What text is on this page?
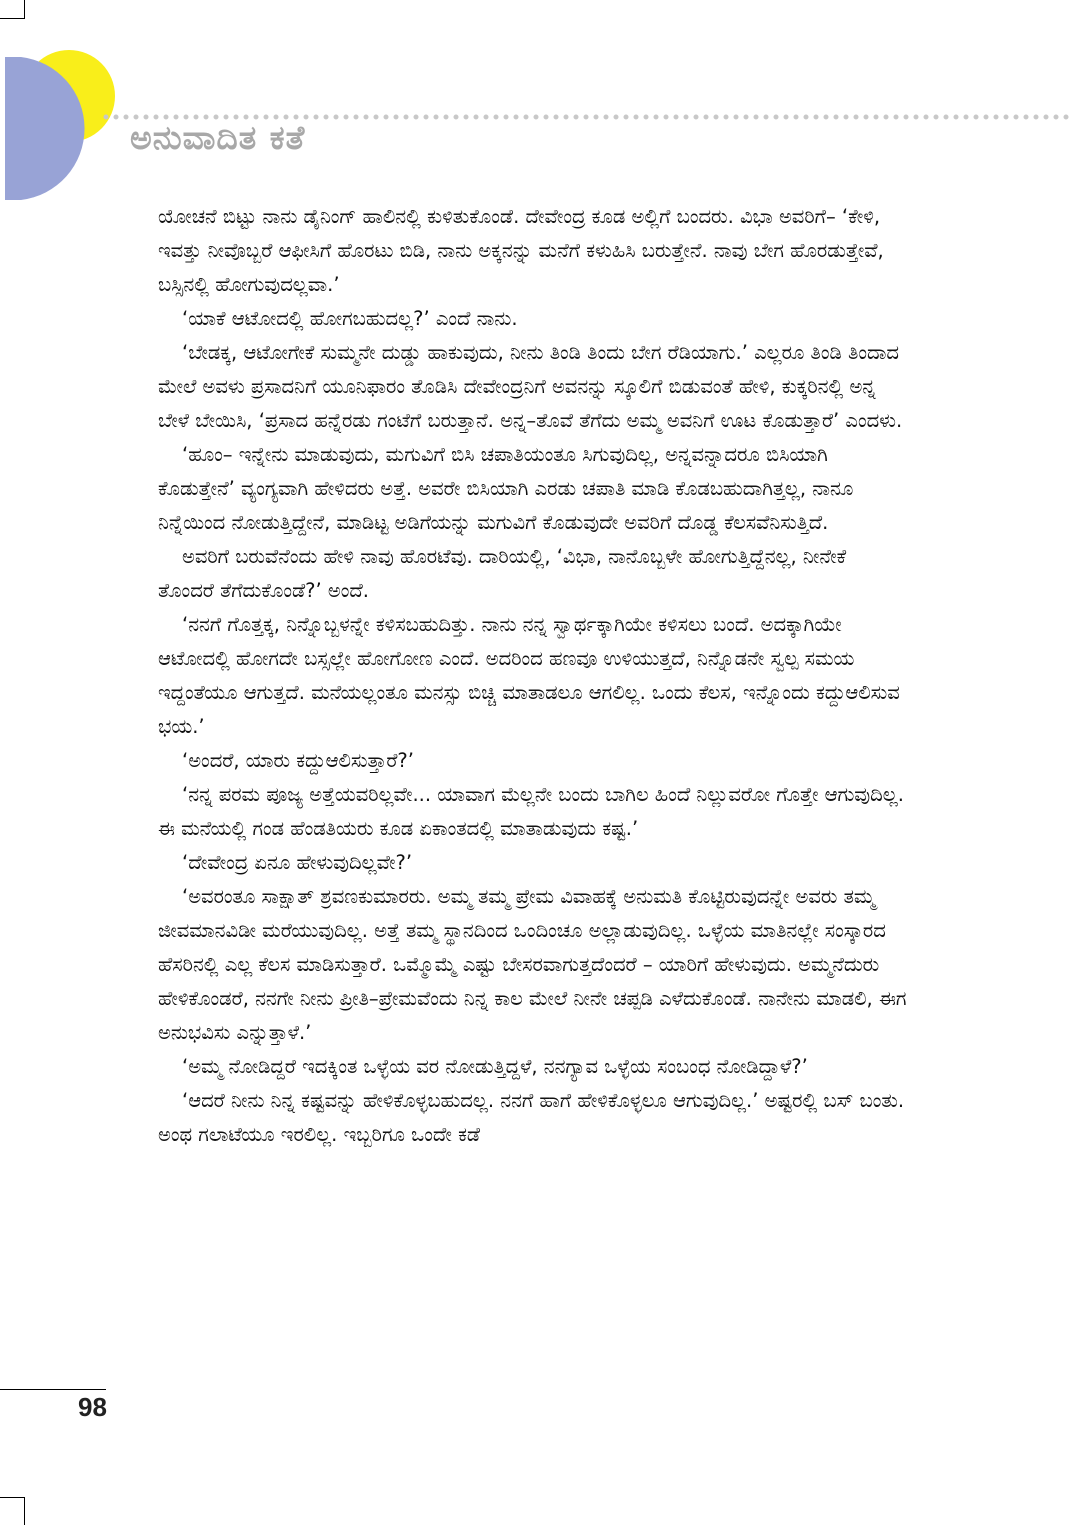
ಅನುವಾದಿತ ಕತೆ

ಯೋಚನೆ ಬಿಟ್ಟು ನಾನು ಡೈನಿಂಗ್ ಹಾಲಿನಲ್ಲಿ ಕುಳಿತುಕೊಂಡೆ. ದೇವೇಂದ್ರ ಕೂಡ ಅಲ್ಲಿಗೆ ಬಂದರು. ವಿಭಾ ಅವರಿಗೆ– ‘ಕೇಳಿ, ಇವತ್ತು ನೀವೊಬ್ಬರೆ ಆಫೀಸಿಗೆ ಹೊರಟು ಬಿಡಿ, ನಾನು ಅಕ್ಕನನ್ನು ಮನೆಗೆ ಕಳುಹಿಸಿ ಬರುತ್ತೇನೆ. ನಾವು ಬೇಗ ಹೊರಡುತ್ತೇವೆ, ಬಸ್ಸಿನಲ್ಲಿ ಹೋಗುವುದಲ್ಲವಾ.’

‘ಯಾಕೆ ಆಟೋದಲ್ಲಿ ಹೋಗಬಹುದಲ್ಲ?’ ಎಂದೆ ನಾನು.

‘ಬೇಡಕ್ಕ, ಆಟೋಗೇಕೆ ಸುಮ್ಮನೇ ದುಡ್ಡು ಹಾಕುವುದು, ನೀನು ತಿಂಡಿ ತಿಂದು ಬೇಗ ರೆಡಿಯಾಗು.’ ಎಲ್ಲರೂ ತಿಂಡಿ ತಿಂದಾದ ಮೇಲೆ ಅವಳು ಪ್ರಸಾದನಿಗೆ ಯೂನಿಫಾರಂ ತೊಡಿಸಿ ದೇವೇಂದ್ರನಿಗೆ ಅವನನ್ನು ಸ್ಕೂಲಿಗೆ ಬಿಡುವಂತೆ ಹೇಳಿ, ಕುಕ್ಕರಿನಲ್ಲಿ ಅನ್ನ ಬೇಳೆ ಬೇಯಿಸಿ, ‘ಪ್ರಸಾದ ಹನ್ನೆರಡು ಗಂಟೆಗೆ ಬರುತ್ತಾನೆ. ಅನ್ನ–ತೊವೆ ತೆಗೆದು ಅಮ್ಮ ಅವನಿಗೆ ಊಟ ಕೊಡುತ್ತಾರೆ’ ಎಂದಳು.

‘ಹೂಂ– ಇನ್ನೇನು ಮಾಡುವುದು, ಮಗುವಿಗೆ ಬಿಸಿ ಚಪಾತಿಯಂತೂ ಸಿಗುವುದಿಲ್ಲ, ಅನ್ನವನ್ನಾದರೂ ಬಿಸಿಯಾಗಿ ಕೊಡುತ್ತೇನೆ’ ವ್ಯಂಗ್ಯವಾಗಿ ಹೇಳಿದರು ಅತ್ತೆ. ಅವರೇ ಬಿಸಿಯಾಗಿ ಎರಡು ಚಪಾತಿ ಮಾಡಿ ಕೊಡಬಹುದಾಗಿತ್ತಲ್ಲ, ನಾನೂ ನಿನ್ನೆಯಿಂದ ನೋಡುತ್ತಿದ್ದೇನೆ, ಮಾಡಿಟ್ಟ ಅಡಿಗೆಯನ್ನು ಮಗುವಿಗೆ ಕೊಡುವುದೇ ಅವರಿಗೆ ದೊಡ್ಡ ಕೆಲಸವೆನಿಸುತ್ತಿದೆ.

ಅವರಿಗೆ ಬರುವೆನೆಂದು ಹೇಳಿ ನಾವು ಹೊರಟೆವು. ದಾರಿಯಲ್ಲಿ, ‘ವಿಭಾ, ನಾನೊಬ್ಬಳೇ ಹೋಗುತ್ತಿದ್ದೆನಲ್ಲ, ನೀನೇಕೆ ತೊಂದರೆ ತೆಗೆದುಕೊಂಡೆ?’ ಅಂದೆ.

‘ನನಗೆ ಗೊತ್ತಕ್ಕ, ನಿನ್ನೊಬ್ಬಳನ್ನೇ ಕಳಿಸಬಹುದಿತ್ತು. ನಾನು ನನ್ನ ಸ್ವಾರ್ಥಕ್ಕಾಗಿಯೇ ಕಳಿಸಲು ಬಂದೆ. ಅದಕ್ಕಾಗಿಯೇ ಆಟೋದಲ್ಲಿ ಹೋಗದೇ ಬಸ್ಸಲ್ಲೇ ಹೋಗೋಣ ಎಂದೆ. ಅದರಿಂದ ಹಣವೂ ಉಳಿಯುತ್ತದೆ, ನಿನ್ನೊಡನೇ ಸ್ವಲ್ಪ ಸಮಯ ಇದ್ದಂತೆಯೂ ಆಗುತ್ತದೆ. ಮನೆಯಲ್ಲಂತೂ ಮನಸ್ಸು ಬಿಚ್ಚಿ ಮಾತಾಡಲೂ ಆಗಲಿಲ್ಲ. ಒಂದು ಕೆಲಸ, ಇನ್ನೊಂದು ಕದ್ದುಆಲಿಸುವ ಭಯ.’

‘ಅಂದರೆ, ಯಾರು ಕದ್ದುಆಲಿಸುತ್ತಾರೆ?’

‘ನನ್ನ ಪರಮ ಪೂಜ್ಯ ಅತ್ತೆಯವರಿಲ್ಲವೇ... ಯಾವಾಗ ಮೆಲ್ಲನೇ ಬಂದು ಬಾಗಿಲ ಹಿಂದೆ ನಿಲ್ಲುವರೋ ಗೊತ್ತೇ ಆಗುವುದಿಲ್ಲ. ಈ ಮನೆಯಲ್ಲಿ ಗಂಡ ಹೆಂಡತಿಯರು ಕೂಡ ಏಕಾಂತದಲ್ಲಿ ಮಾತಾಡುವುದು ಕಷ್ಟ.’

‘ದೇವೇಂದ್ರ ಏನೂ ಹೇಳುವುದಿಲ್ಲವೇ?’

‘ಅವರಂತೂ ಸಾಕ್ಷಾತ್ ಶ್ರವಣಕುಮಾರರು. ಅಮ್ಮ ತಮ್ಮ ಪ್ರೇಮ ವಿವಾಹಕ್ಕೆ ಅನುಮತಿ ಕೊಟ್ಟಿರುವುದನ್ನೇ ಅವರು ತಮ್ಮ ಜೀವಮಾನವಿಡೀ ಮರೆಯುವುದಿಲ್ಲ. ಅತ್ತೆ ತಮ್ಮ ಸ್ಥಾನದಿಂದ ಒಂದಿಂಚೂ ಅಲ್ಲಾಡುವುದಿಲ್ಲ. ಒಳ್ಳೆಯ ಮಾತಿನಲ್ಲೇ ಸಂಸ್ಕಾರದ ಹೆಸರಿನಲ್ಲಿ ಎಲ್ಲ ಕೆಲಸ ಮಾಡಿಸುತ್ತಾರೆ. ಒಮ್ಮೊಮ್ಮೆ ಎಷ್ಟು ಬೇಸರವಾಗುತ್ತದೆಂದರೆ – ಯಾರಿಗೆ ಹೇಳುವುದು. ಅಮ್ಮನೆದುರು ಹೇಳಿಕೊಂಡರೆ, ನನಗೇ ನೀನು ಪ್ರೀತಿ–ಪ್ರೇಮವೆಂದು ನಿನ್ನ ಕಾಲ ಮೇಲೆ ನೀನೇ ಚಪ್ಪಡಿ ಎಳೆದುಕೊಂಡೆ. ನಾನೇನು ಮಾಡಲಿ, ಈಗ ಅನುಭವಿಸು ಎನ್ನುತ್ತಾಳೆ.’

‘ಅಮ್ಮ ನೋಡಿದ್ದರೆ ಇದಕ್ಕಿಂತ ಒಳ್ಳೆಯ ವರ ನೋಡುತ್ತಿದ್ದಳೆ, ನನಗ್ಯಾವ ಒಳ್ಳೆಯ ಸಂಬಂಧ ನೋಡಿದ್ದಾಳೆ?’

‘ಆದರೆ ನೀನು ನಿನ್ನ ಕಷ್ಟವನ್ನು ಹೇಳಿಕೊಳ್ಳಬಹುದಲ್ಲ. ನನಗೆ ಹಾಗೆ ಹೇಳಿಕೊಳ್ಳಲೂ ಆಗುವುದಿಲ್ಲ.’ ಅಷ್ಟರಲ್ಲಿ ಬಸ್ ಬಂತು. ಅಂಥ ಗಲಾಟೆಯೂ ಇರಲಿಲ್ಲ. ಇಬ್ಬರಿಗೂ ಒಂದೇ ಕಡೆ

98
